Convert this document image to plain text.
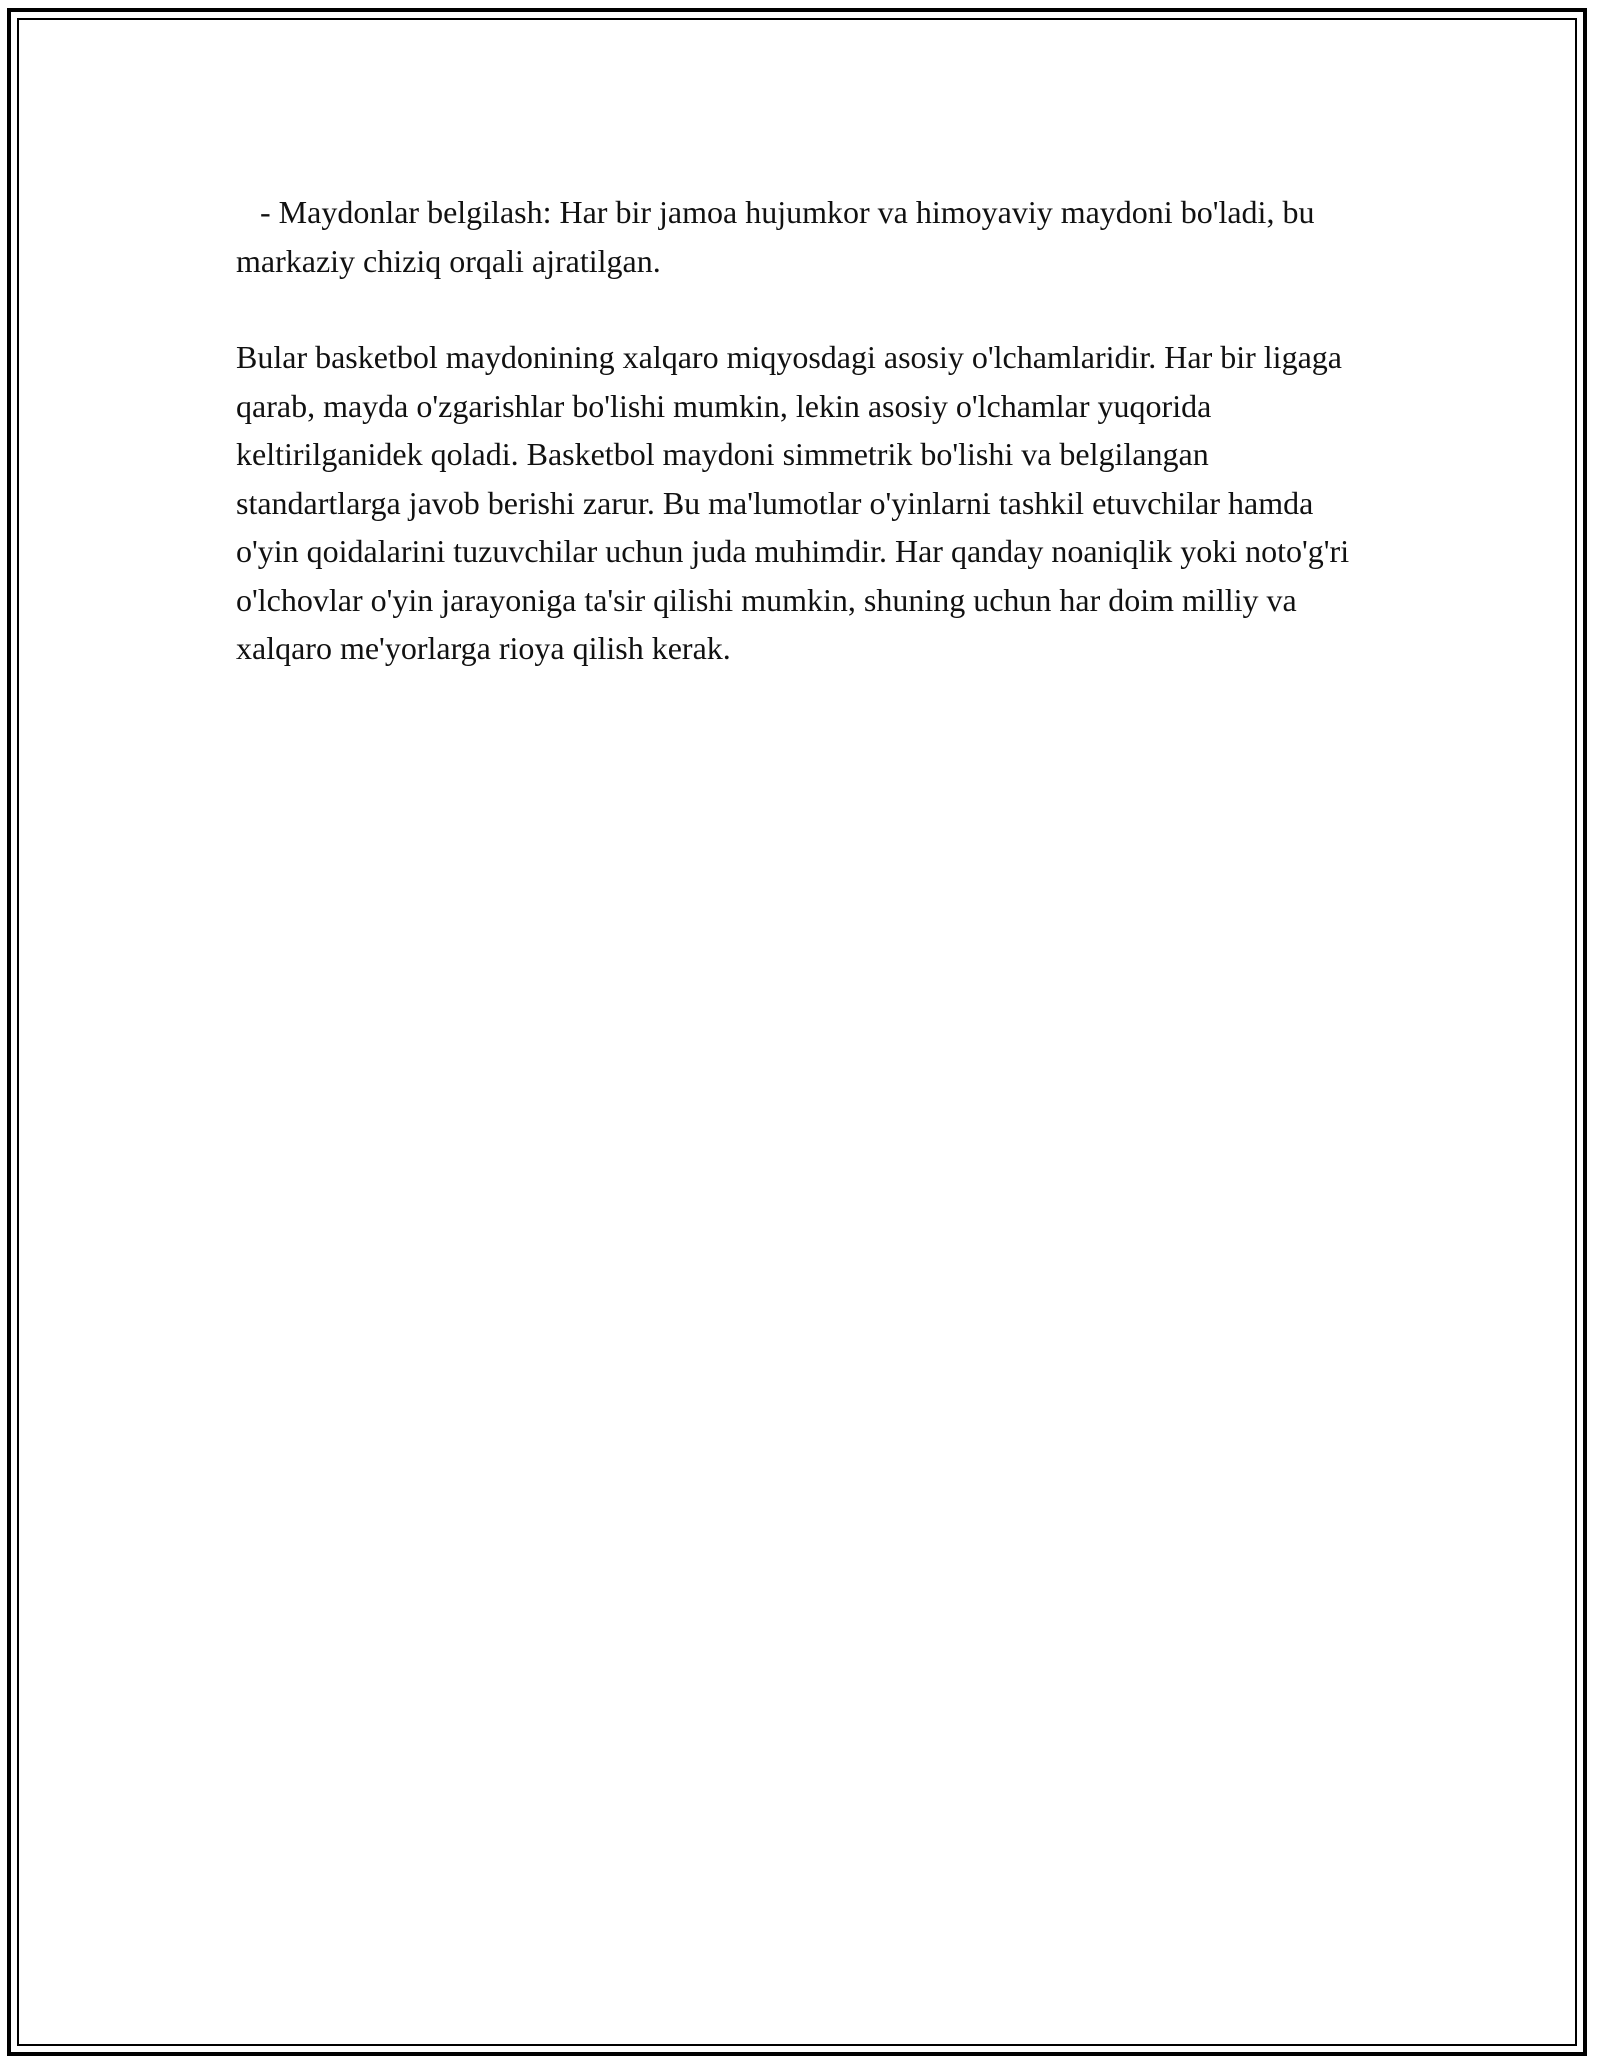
- Maydonlar belgilash: Har bir jamoa hujumkor va himoyaviy maydoni bo'ladi, bu markaziy chiziq orqali ajratilgan.

Bular basketbol maydonining xalqaro miqyosdagi asosiy o'lchamlaridir. Har bir ligaga qarab, mayda o'zgarishlar bo'lishi mumkin, lekin asosiy o'lchamlar yuqorida keltirilganidek qoladi. Basketbol maydoni simmetrik bo'lishi va belgilangan standartlarga javob berishi zarur. Bu ma'lumotlar o'yinlarni tashkil etuvchilar hamda o'yin qoidalarini tuzuvchilar uchun juda muhimdir. Har qanday noaniqlik yoki noto'g'ri o'lchovlar o'yin jarayoniga ta'sir qilishi mumkin, shuning uchun har doim milliy va xalqaro me'yorlarga rioya qilish kerak.
